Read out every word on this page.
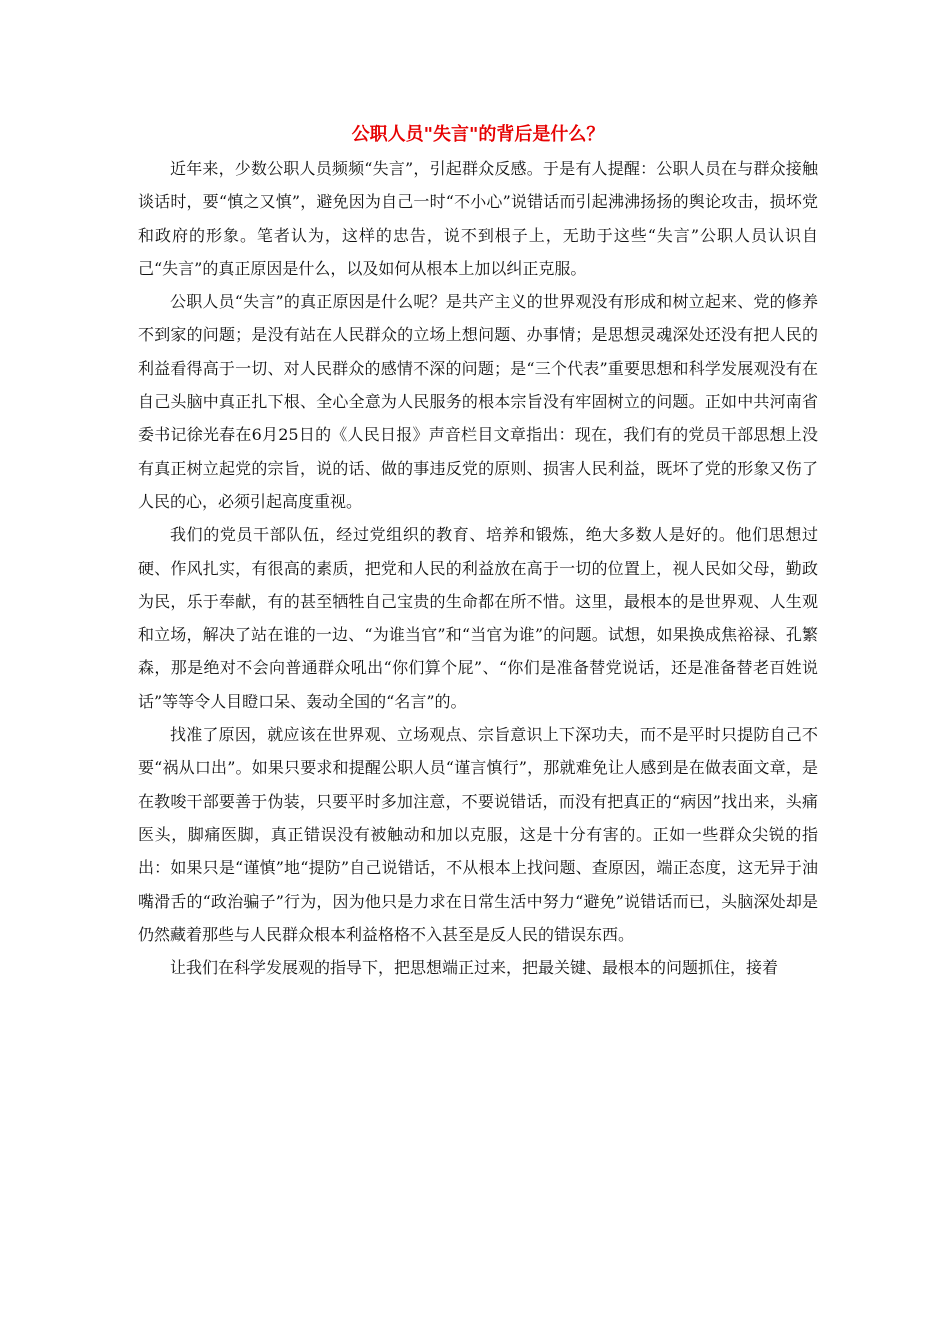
公职人员"失言"的背后是什么？

近年来，少数公职人员频频“失言”，引起群众反感。于是有人提醒：公职人员在与群众接触谈话时，要“慎之又慎”，避免因为自己一时“不小心”说错话而引起沸沸扬扬的舆论攻击，损坏党和政府的形象。笔者认为，这样的忠告，说不到根子上，无助于这些“失言”公职人员认识自己“失言”的真正原因是什么，以及如何从根本上加以纠正克服。

公职人员“失言”的真正原因是什么呢？是共产主义的世界观没有形成和树立起来、党的修养不到家的问题；是没有站在人民群众的立场上想问题、办事情；是思想灵魂深处还没有把人民的利益看得高于一切、对人民群众的感情不深的问题；是“三个代表”重要思想和科学发展观没有在自己头脑中真正扎下根、全心全意为人民服务的根本宗旨没有牢固树立的问题。正如中共河南省委书记徐光春在6月25日的《人民日报》声音栏目文章指出：现在，我们有的党员干部思想上没有真正树立起党的宗旨，说的话、做的事违反党的原则、损害人民利益，既坏了党的形象又伤了人民的心，必须引起高度重视。

我们的党员干部队伍，经过党组织的教育、培养和锻炼，绝大多数人是好的。他们思想过硬、作风扎实，有很高的素质，把党和人民的利益放在高于一切的位置上，视人民如父母，勤政为民，乐于奉献，有的甚至牺牲自己宝贵的生命都在所不惜。这里，最根本的是世界观、人生观和立场，解决了站在谁的一边、“为谁当官”和“当官为谁”的问题。试想，如果换成焦裕禄、孔繁森，那是绝对不会向普通群众吼出“你们算个屁”、“你们是准备替党说话，还是准备替老百姓说话”等等令人目瞪口呆、轰动全国的“名言”的。

找准了原因，就应该在世界观、立场观点、宗旨意识上下深功夫，而不是平时只提防自己不要“祸从口出”。如果只要求和提醒公职人员“谨言慎行”，那就难免让人感到是在做表面文章，是在教唆干部要善于伪装，只要平时多加注意，不要说错话，而没有把真正的“病因”找出来，头痛医头，脚痛医脚，真正错误没有被触动和加以克服，这是十分有害的。正如一些群众尖锐的指出：如果只是“谨慎”地“提防”自己说错话，不从根本上找问题、查原因，端正态度，这无异于油嘴滑舌的“政治骗子”行为，因为他只是力求在日常生活中努力“避免”说错话而已，头脑深处却是仍然藏着那些与人民群众根本利益格格不入甚至是反人民的错误东西。

让我们在科学发展观的指导下，把思想端正过来，把最关键、最根本的问题抓住，接着
